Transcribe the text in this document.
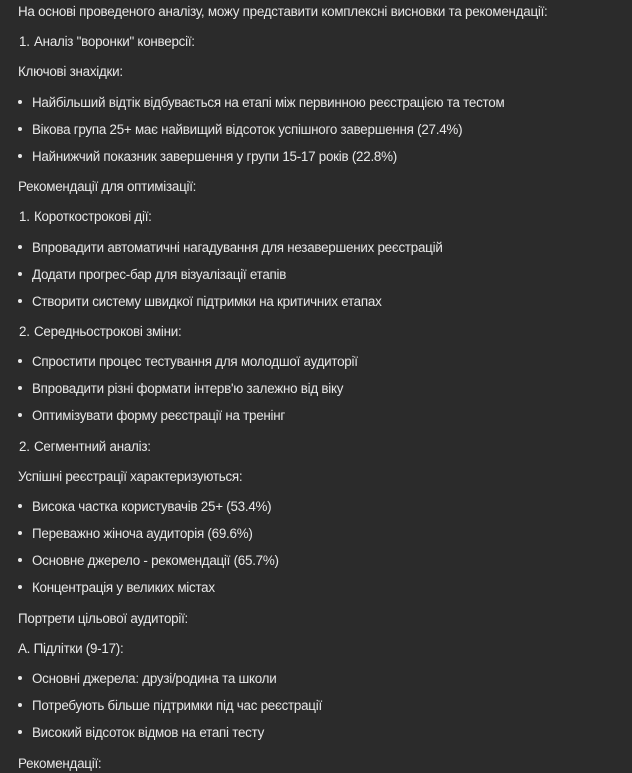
На основі проведеного аналізу, можу представити комплексні висновки та рекомендації:
1. Аналіз "воронки" конверсії:
Ключові знахідки:
Найбільший відтік відбувається на етапі між первинною реєстрацією та тестом
Вікова група 25+ має найвищий відсоток успішного завершення (27.4%)
Найнижчий показник завершення у групи 15-17 років (22.8%)
Рекомендації для оптимізації:
1. Короткострокові дії:
Впровадити автоматичні нагадування для незавершених реєстрацій
Додати прогрес-бар для візуалізації етапів
Створити систему швидкої підтримки на критичних етапах
2. Середньострокові зміни:
Спростити процес тестування для молодшої аудиторії
Впровадити різні формати інтерв'ю залежно від віку
Оптимізувати форму реєстрації на тренінг
2. Сегментний аналіз:
Успішні реєстрації характеризуються:
Висока частка користувачів 25+ (53.4%)
Переважно жіноча аудиторія (69.6%)
Основне джерело - рекомендації (65.7%)
Концентрація у великих містах
Портрети цільової аудиторії:
A. Підлітки (9-17):
Основні джерела: друзі/родина та школи
Потребують більше підтримки під час реєстрації
Високий відсоток відмов на етапі тесту
Рекомендації:
